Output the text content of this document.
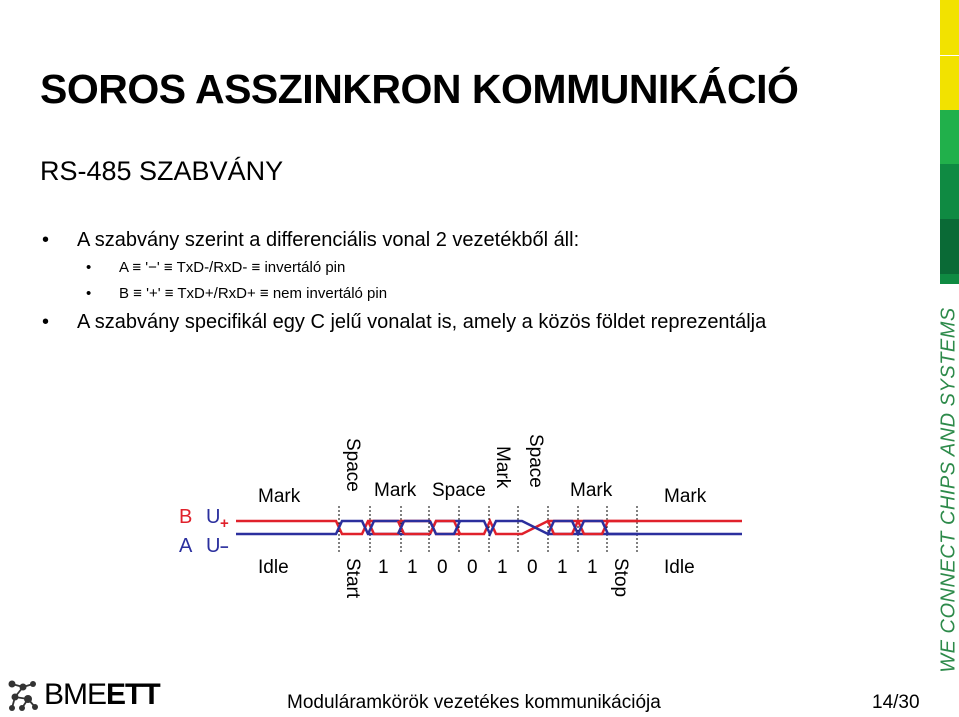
SOROS ASSZINKRON KOMMUNIKÁCIÓ
RS-485 SZABVÁNY
• A szabvány szerint a differenciális vonal 2 vezetékből áll:
• A ≡ '−' ≡ TxD-/RxD- ≡ invertáló pin
• B ≡ '+' ≡ TxD+/RxD+ ≡ nem invertáló pin
• A szabvány specifikál egy C jelű vonalat is, amely a közös földet reprezentálja
B
A
U +
U −
Mark
Space Mark Space
Mark Space
Mark	Mark
Idle	Start 1 1 0 0 1 0 1 1 Stop Idle	WE CONNECT CHIPS AND SYSTEMS
BMEETT	Moduláramkörök vezetékes kommunikációja	14/30
